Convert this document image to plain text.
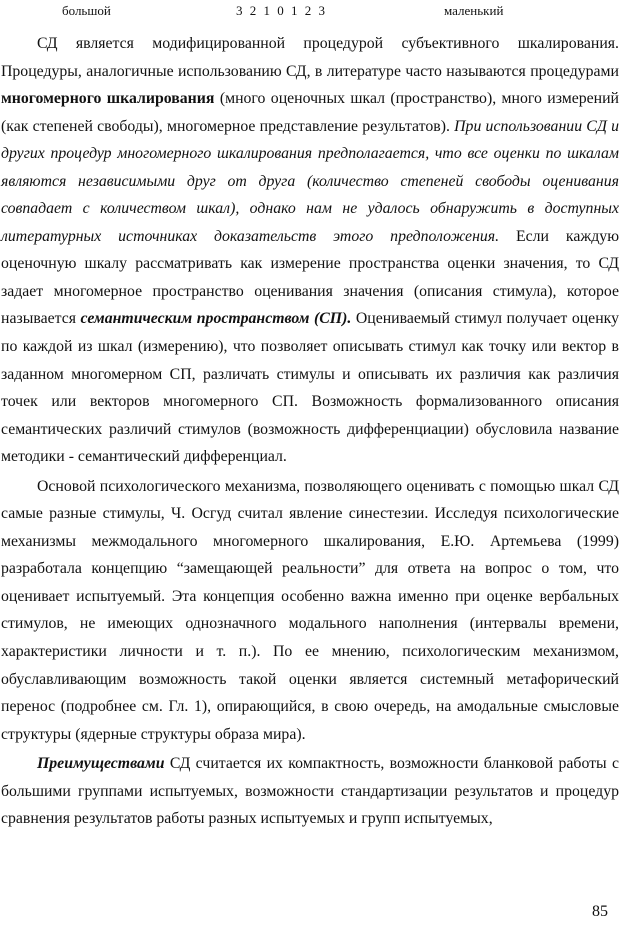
большой	3 2 1 0 1 2 3	маленький

СД является модифицированной процедурой субъективного шкалирования. Процедуры, аналогичные использованию СД, в литературе часто называются процедурами многомерного шкалирования (много оценочных шкал (пространство), много измерений (как степеней свободы), многомерное представление результатов). При использовании СД и других процедур многомерного шкалирования предполагается, что все оценки по шкалам являются независимыми друг от друга (количество степеней свободы оценивания совпадает с количеством шкал), однако нам не удалось обнаружить в доступных литературных источниках доказательств этого предположения. Если каждую оценочную шкалу рассматривать как измерение пространства оценки значения, то СД задает многомерное пространство оценивания значения (описания стимула), которое называется семантическим пространством (СП). Оцениваемый стимул получает оценку по каждой из шкал (измерению), что позволяет описывать стимул как точку или вектор в заданном многомерном СП, различать стимулы и описывать их различия как различия точек или векторов многомерного СП. Возможность формализованного описания семантических различий стимулов (возможность дифференциации) обусловила название методики - семантический дифференциал.

Основой психологического механизма, позволяющего оценивать с помощью шкал СД самые разные стимулы, Ч. Осгуд считал явление синестезии. Исследуя психологические механизмы межмодального многомерного шкалирования, Е.Ю. Артемьева (1999) разработала концепцию “замещающей реальности” для ответа на вопрос о том, что оценивает испытуемый. Эта концепция особенно важна именно при оценке вербальных стимулов, не имеющих однозначного модального наполнения (интервалы времени, характеристики личности и т. п.). По ее мнению, психологическим механизмом, обуславливающим возможность такой оценки является системный метафорический перенос (подробнее см. Гл. 1), опирающийся, в свою очередь, на амодальные смысловые структуры (ядерные структуры образа мира).

Преимуществами СД считается их компактность, возможности бланковой работы с большими группами испытуемых, возможности стандартизации результатов и процедур сравнения результатов работы разных испытуемых и групп испытуемых,

85
